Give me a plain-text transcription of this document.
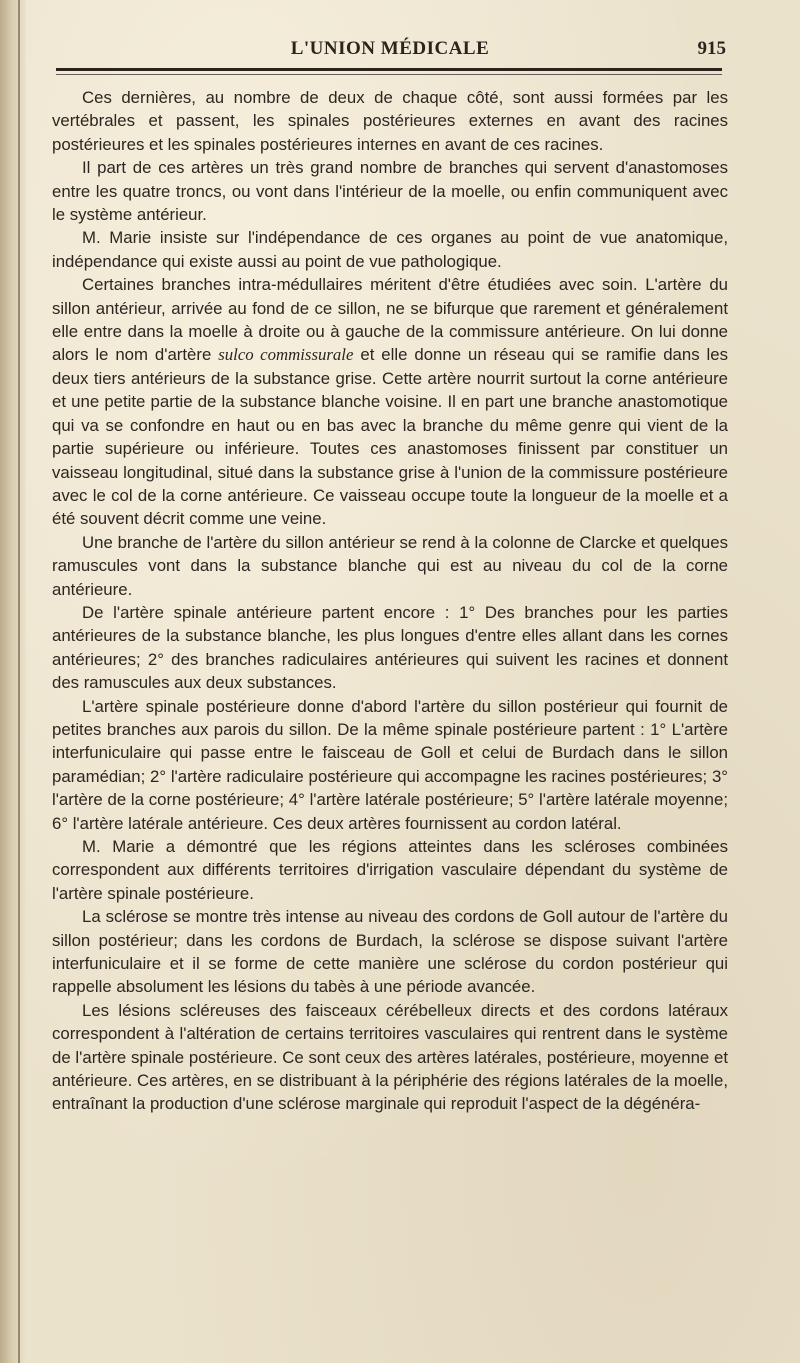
L'UNION MÉDICALE	915

Ces dernières, au nombre de deux de chaque côté, sont aussi formées par les vertébrales et passent, les spinales postérieures externes en avant des racines postérieures et les spinales postérieures internes en avant de ces racines.

Il part de ces artères un très grand nombre de branches qui servent d'anastomoses entre les quatre troncs, ou vont dans l'intérieur de la moelle, ou enfin communiquent avec le système antérieur.

M. Marie insiste sur l'indépendance de ces organes au point de vue anatomique, indépendance qui existe aussi au point de vue pathologique.

Certaines branches intra-médullaires méritent d'être étudiées avec soin. L'artère du sillon antérieur, arrivée au fond de ce sillon, ne se bifurque que rarement et généralement elle entre dans la moelle à droite ou à gauche de la commissure antérieure. On lui donne alors le nom d'artère sulco commissurale et elle donne un réseau qui se ramifie dans les deux tiers antérieurs de la substance grise. Cette artère nourrit surtout la corne antérieure et une petite partie de la substance blanche voisine. Il en part une branche anastomotique qui va se confondre en haut ou en bas avec la branche du même genre qui vient de la partie supérieure ou inférieure. Toutes ces anastomoses finissent par constituer un vaisseau longitudinal, situé dans la substance grise à l'union de la commissure postérieure avec le col de la corne antérieure. Ce vaisseau occupe toute la longueur de la moelle et a été souvent décrit comme une veine.

Une branche de l'artère du sillon antérieur se rend à la colonne de Clarcke et quelques ramuscules vont dans la substance blanche qui est au niveau du col de la corne antérieure.

De l'artère spinale antérieure partent encore : 1° Des branches pour les parties antérieures de la substance blanche, les plus longues d'entre elles allant dans les cornes antérieures; 2° des branches radiculaires antérieures qui suivent les racines et donnent des ramuscules aux deux substances.

L'artère spinale postérieure donne d'abord l'artère du sillon postérieur qui fournit de petites branches aux parois du sillon. De la même spinale postérieure partent : 1° L'artère interfuniculaire qui passe entre le faisceau de Goll et celui de Burdach dans le sillon paramédian; 2° l'artère radiculaire postérieure qui accompagne les racines postérieures; 3° l'artère de la corne postérieure; 4° l'artère latérale postérieure; 5° l'artère latérale moyenne; 6° l'artère latérale antérieure. Ces deux artères fournissent au cordon latéral.

M. Marie a démontré que les régions atteintes dans les scléroses combinées correspondent aux différents territoires d'irrigation vasculaire dépendant du système de l'artère spinale postérieure.

La sclérose se montre très intense au niveau des cordons de Goll autour de l'artère du sillon postérieur; dans les cordons de Burdach, la sclérose se dispose suivant l'artère interfuniculaire et il se forme de cette manière une sclérose du cordon postérieur qui rappelle absolument les lésions du tabès à une période avancée.

Les lésions scléreuses des faisceaux cérébelleux directs et des cordons latéraux correspondent à l'altération de certains territoires vasculaires qui rentrent dans le système de l'artère spinale postérieure. Ce sont ceux des artères latérales, postérieure, moyenne et antérieure. Ces artères, en se distribuant à la périphérie des régions latérales de la moelle, entraînant la production d'une sclérose marginale qui reproduit l'aspect de la dégénéra-
